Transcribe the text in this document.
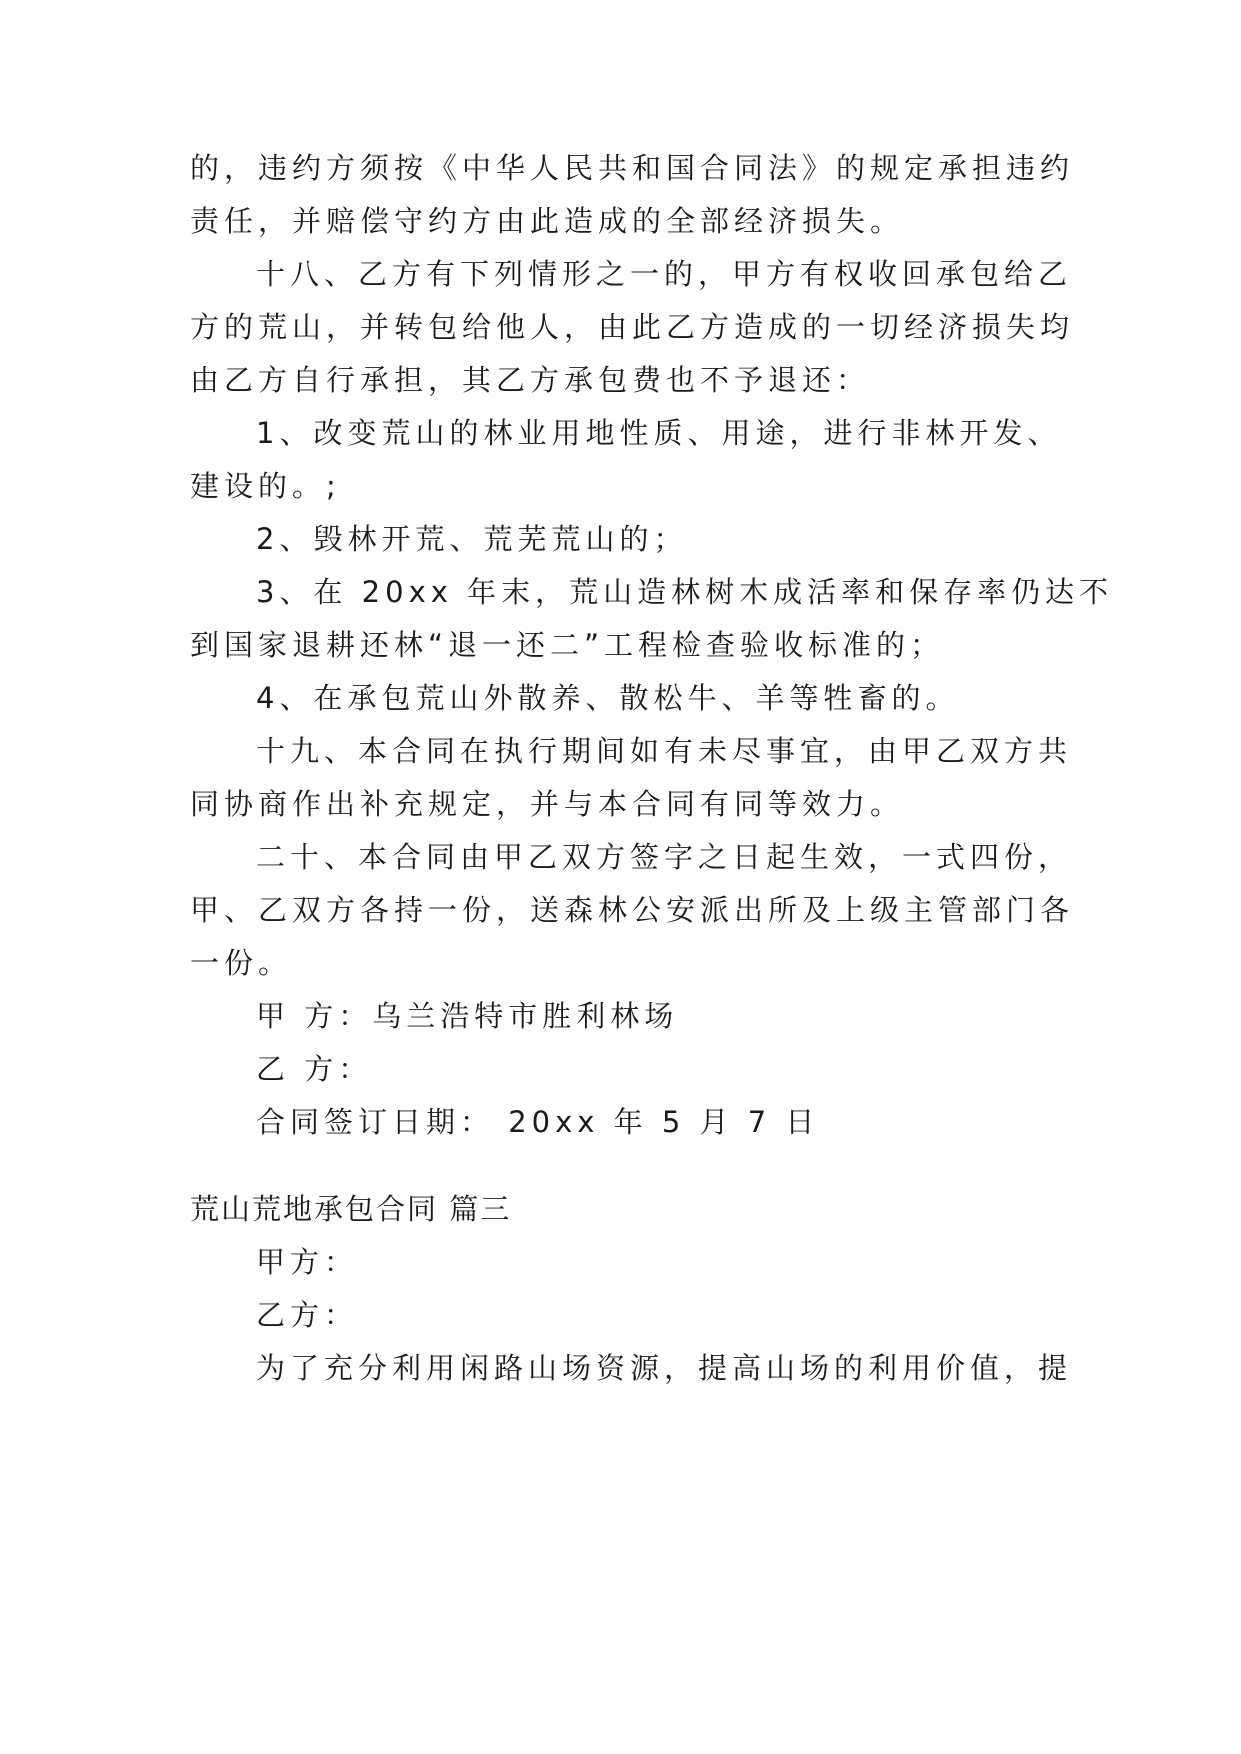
的，违约方须按《中华人民共和国合同法》的规定承担违约
责任，并赔偿守约方由此造成的全部经济损失。
十八、乙方有下列情形之一的，甲方有权收回承包给乙
方的荒山，并转包给他人，由此乙方造成的一切经济损失均
由乙方自行承担，其乙方承包费也不予退还：
1、改变荒山的林业用地性质、用途，进行非林开发、
建设的。;
2、毁林开荒、荒芜荒山的；
3、在 20xx 年末，荒山造林树木成活率和保存率仍达不
到国家退耕还林“退一还二”工程检查验收标准的；
4、在承包荒山外散养、散松牛、羊等牲畜的。
十九、本合同在执行期间如有未尽事宜，由甲乙双方共
同协商作出补充规定，并与本合同有同等效力。
二十、本合同由甲乙双方签字之日起生效，一式四份，
甲、乙双方各持一份，送森林公安派出所及上级主管部门各
一份。
甲 方：乌兰浩特市胜利林场
乙 方：
合同签订日期： 20xx 年 5 月 7 日
荒山荒地承包合同 篇三
甲方：
乙方：
为了充分利用闲路山场资源，提高山场的利用价值，提
